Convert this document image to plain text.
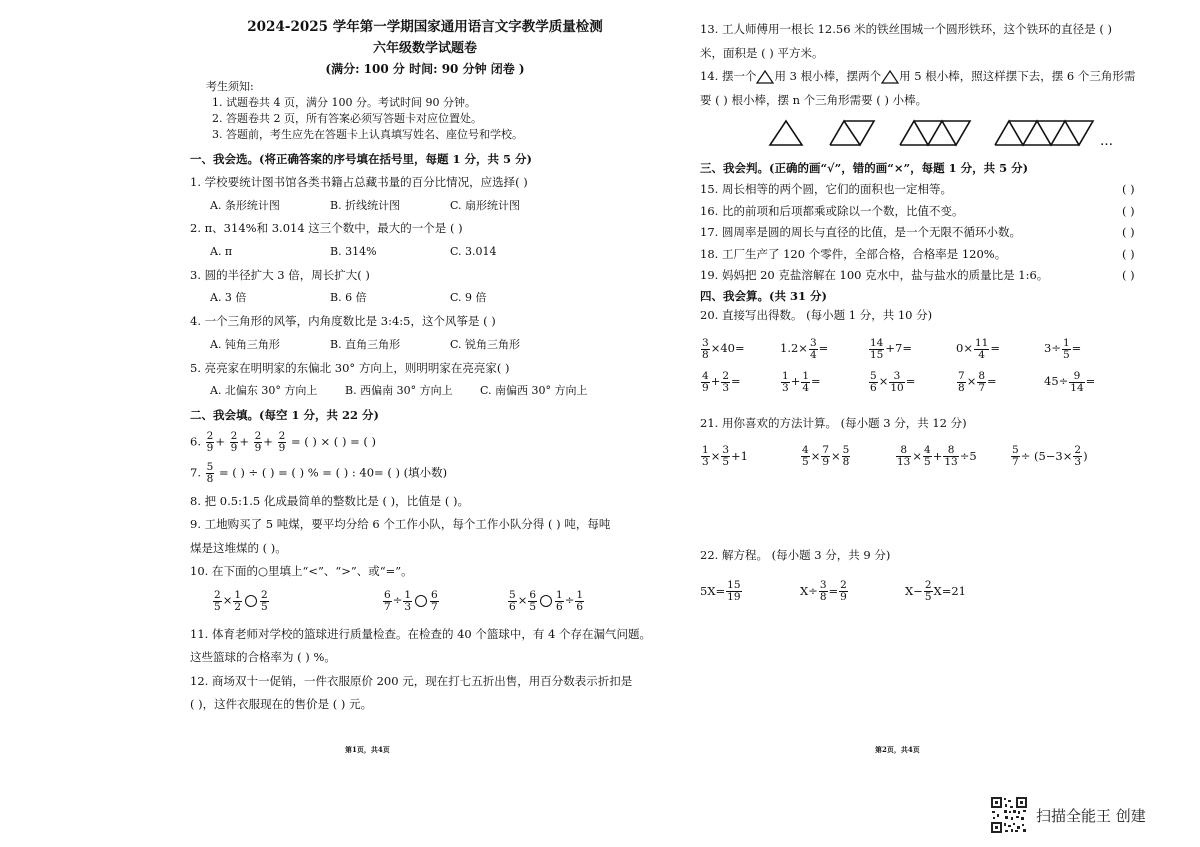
2024-2025 学年第一学期国家通用语言文字教学质量检测
六年级数学试题卷
(满分: 100 分 时间: 90 分钟 闭卷 )
考生须知:
1. 试题卷共 4 页，满分 100 分。考试时间 90 分钟。
2. 答题卷共 2 页，所有答案必须写答题卡对应位置处。
3. 答题前，考生应先在答题卡上认真填写姓名、座位号和学校。
一、我会选。(将正确答案的序号填在括号里，每题 1 分，共 5 分)
1. 学校要统计图书馆各类书籍占总藏书量的百分比情况，应选择( )
A. 条形统计图	B. 折线统计图	C. 扇形统计图
2. π、314%和 3.014 这三个数中，最大的一个是 ( )
A. π	B. 314%	C. 3.014
3. 圆的半径扩大 3 倍，周长扩大( )
A. 3 倍	B. 6 倍	C. 9 倍
4. 一个三角形的风筝，内角度数比是 3:4:5，这个风筝是 ( )
A. 钝角三角形	B. 直角三角形	C. 锐角三角形
5. 亮亮家在明明家的东偏北 30° 方向上，则明明家在亮亮家( )
A. 北偏东 30° 方向上	B. 西偏南 30° 方向上	C. 南偏西 30° 方向上
二、我会填。(每空 1 分，共 22 分)
6. $\frac{2}{9} + \frac{2}{9} + \frac{2}{9} + \frac{2}{9}$ = ( ) × ( ) = ( )
7. $\frac{5}{8}$ = ( ) ÷ ( ) = ( ) % = ( ) : 40= ( ) (填小数)
8. 把 0.5:1.5 化成最简单的整数比是 ( )，比值是 ( )。
9. 工地购买了 5 吨煤，要平均分给 6 个工作小队，每个工作小队分得 ( ) 吨，每吨
煤是这堆煤的 ( )。
10. 在下面的○里填上“<”、“>”、或“=”。
$\frac{2}{5} \times \frac{1}{2} \frac{2}{5}$	$\frac{6}{7} \div \frac{1}{3} \frac{6}{7}$	$\frac{5}{6} \times \frac{6}{5} \frac{1}{6} \div \frac{1}{6}$
11. 体育老师对学校的篮球进行质量检查。在检查的 40 个篮球中，有 4 个存在漏气问题。
这些篮球的合格率为 ( ) %。
12. 商场双十一促销，一件衣服原价 200 元，现在打七五折出售，用百分数表示折扣是
( )，这件衣服现在的售价是 ( ) 元。
第1页，共4页
13. 工人师傅用一根长 12.56 米的铁丝围城一个圆形铁环，这个铁环的直径是 ( )
米，面积是 ( ) 平方米。
14. 摆一个 用 3 根小棒，摆两个 用 5 根小棒，照这样摆下去，摆 6 个三角形需
要 ( ) 根小棒，摆 n 个三角形需要 ( ) 小棒。
…
三、我会判。(正确的画“√”，错的画“×”，每题 1 分，共 5 分)
15. 周长相等的两个圆，它们的面积也一定相等。	( )
16. 比的前项和后项都乘或除以一个数，比值不变。	( )
17. 圆周率是圆的周长与直径的比值，是一个无限不循环小数。	( )
18. 工厂生产了 120 个零件，全部合格，合格率是 120%。	( )
19. 妈妈把 20 克盐溶解在 100 克水中，盐与盐水的质量比是 1:6。	( )
四、我会算。(共 31 分)
20. 直接写出得数。 (每小题 1 分，共 10 分)
$\frac{3}{8} \times 40=$	$1.2\times \frac{3}{4}$ =	$\frac{14}{15} +7=$	$0\times \frac{11}{4}$ =	$3\div \frac{1}{5}$ =
$\frac{4}{9} + \frac{2}{3}$ =	$\frac{1}{3} + \frac{1}{4}$ =	$\frac{5}{6} \times \frac{3}{10}$ =	$\frac{7}{8} \times \frac{8}{7}$ =	$45\div \frac{9}{14}$ =
21. 用你喜欢的方法计算。 (每小题 3 分，共 12 分)
$\frac{1}{3} \times \frac{3}{5} +1$	$\frac{4}{5} \times \frac{7}{9} \times \frac{5}{8}$	$\frac{8}{13} \times \frac{4}{5} + \frac{8}{13} \div 5$	$\frac{5}{7} \div (5-3\times \frac{2}{3}$ )
22. 解方程。 (每小题 3 分，共 9 分)
$5X= \frac{15}{19}$	$X\div \frac{3}{8} = \frac{2}{9}$	$X- \frac{2}{5} X=21$
第2页，共4页
扫描全能王 创建
